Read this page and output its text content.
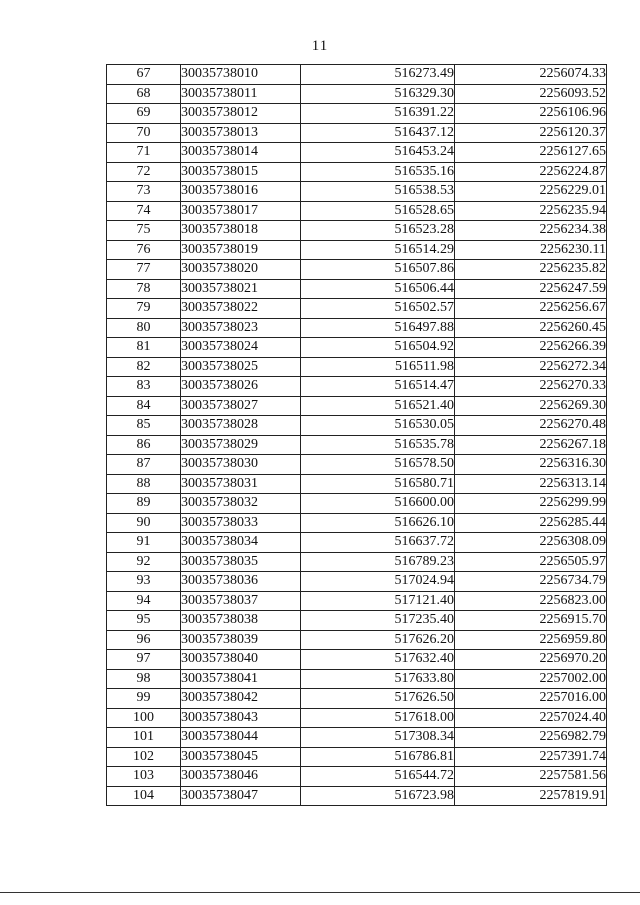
11
67	30035738010	516273.49	2256074.33
68	30035738011	516329.30	2256093.52
69	30035738012	516391.22	2256106.96
70	30035738013	516437.12	2256120.37
71	30035738014	516453.24	2256127.65
72	30035738015	516535.16	2256224.87
73	30035738016	516538.53	2256229.01
74	30035738017	516528.65	2256235.94
75	30035738018	516523.28	2256234.38
76	30035738019	516514.29	2256230.11
77	30035738020	516507.86	2256235.82
78	30035738021	516506.44	2256247.59
79	30035738022	516502.57	2256256.67
80	30035738023	516497.88	2256260.45
81	30035738024	516504.92	2256266.39
82	30035738025	516511.98	2256272.34
83	30035738026	516514.47	2256270.33
84	30035738027	516521.40	2256269.30
85	30035738028	516530.05	2256270.48
86	30035738029	516535.78	2256267.18
87	30035738030	516578.50	2256316.30
88	30035738031	516580.71	2256313.14
89	30035738032	516600.00	2256299.99
90	30035738033	516626.10	2256285.44
91	30035738034	516637.72	2256308.09
92	30035738035	516789.23	2256505.97
93	30035738036	517024.94	2256734.79
94	30035738037	517121.40	2256823.00
95	30035738038	517235.40	2256915.70
96	30035738039	517626.20	2256959.80
97	30035738040	517632.40	2256970.20
98	30035738041	517633.80	2257002.00
99	30035738042	517626.50	2257016.00
100	30035738043	517618.00	2257024.40
101	30035738044	517308.34	2256982.79
102	30035738045	516786.81	2257391.74
103	30035738046	516544.72	2257581.56
104	30035738047	516723.98	2257819.91
